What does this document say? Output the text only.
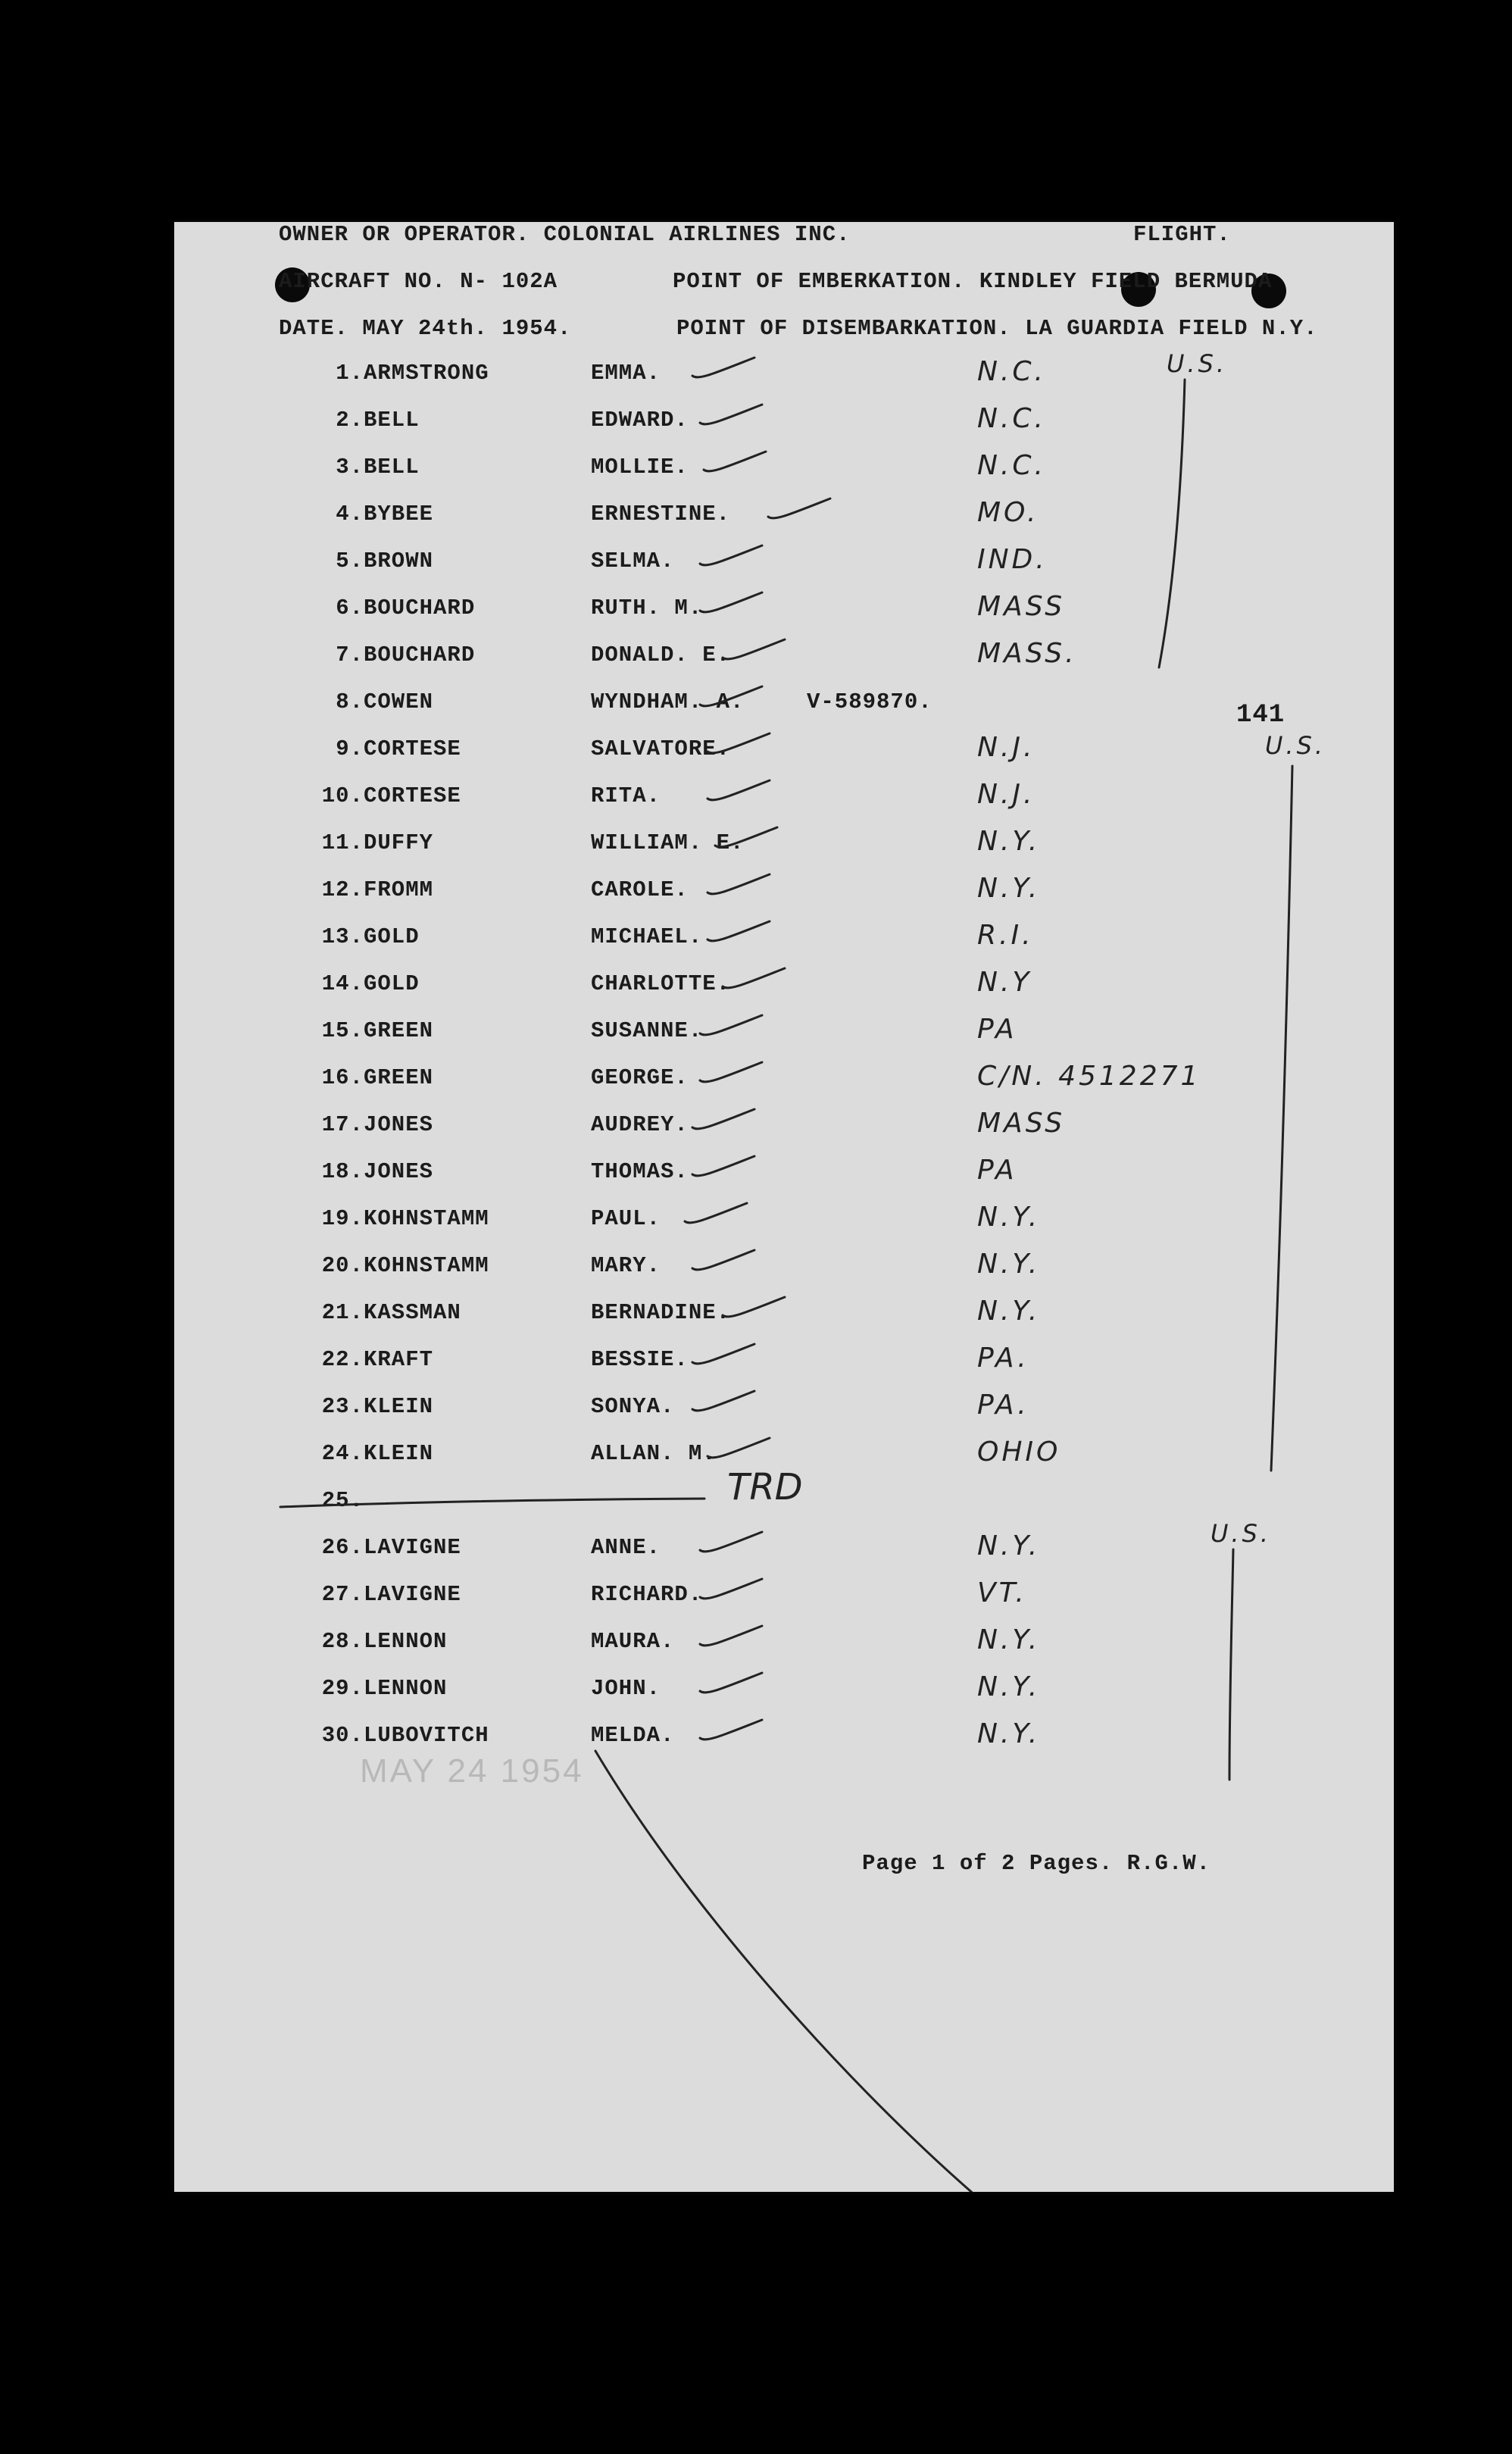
OWNER OR OPERATOR. COLONIAL AIRLINES INC.	FLIGHT.
AIRCRAFT NO. N- 102A	POINT OF EMBERKATION. KINDLEY FIELD BERMUDA
DATE. MAY 24th. 1954.	POINT OF DISEMBARKATION. LA GUARDIA FIELD N.Y.
1. ARMSTRONG	EMMA.	N.C.
2. BELL	EDWARD.	N.C.
3. BELL	MOLLIE.	N.C.
4. BYBEE	ERNESTINE.	MO.
5. BROWN	SELMA.	IND.
6. BOUCHARD	RUTH. M.	MASS
7. BOUCHARD	DONALD. E.	MASS.
8. COWEN	WYNDHAM. A.	V-589870.
9. CORTESE	SALVATORE.	N.J.
10. CORTESE	RITA.	N.J.
11. DUFFY	WILLIAM. E.	N.Y.
12. FROMM	CAROLE.	N.Y.
13. GOLD	MICHAEL.	R.I.
14. GOLD	CHARLOTTE.	N.Y
15. GREEN	SUSANNE.	PA
16. GREEN	GEORGE.	C/N. 4512271
17. JONES	AUDREY.	MASS
18. JONES	THOMAS.	PA
19. KOHNSTAMM	PAUL.	N.Y.
20. KOHNSTAMM	MARY.	N.Y.
21. KASSMAN	BERNADINE.	N.Y.
22. KRAFT	BESSIE.	PA.
23. KLEIN	SONYA.	PA.
24. KLEIN	ALLAN. M.	OHIO
25.
26. LAVIGNE	ANNE.	N.Y.
27. LAVIGNE	RICHARD.	VT.
28. LENNON	MAURA.	N.Y.
29. LENNON	JOHN.	N.Y.
30. LUBOVITCH	MELDA.	N.Y.
U.S.
U.S.
U.S.
141
TRD
MAY 24 1954
Page 1 of 2 Pages. R.G.W.
